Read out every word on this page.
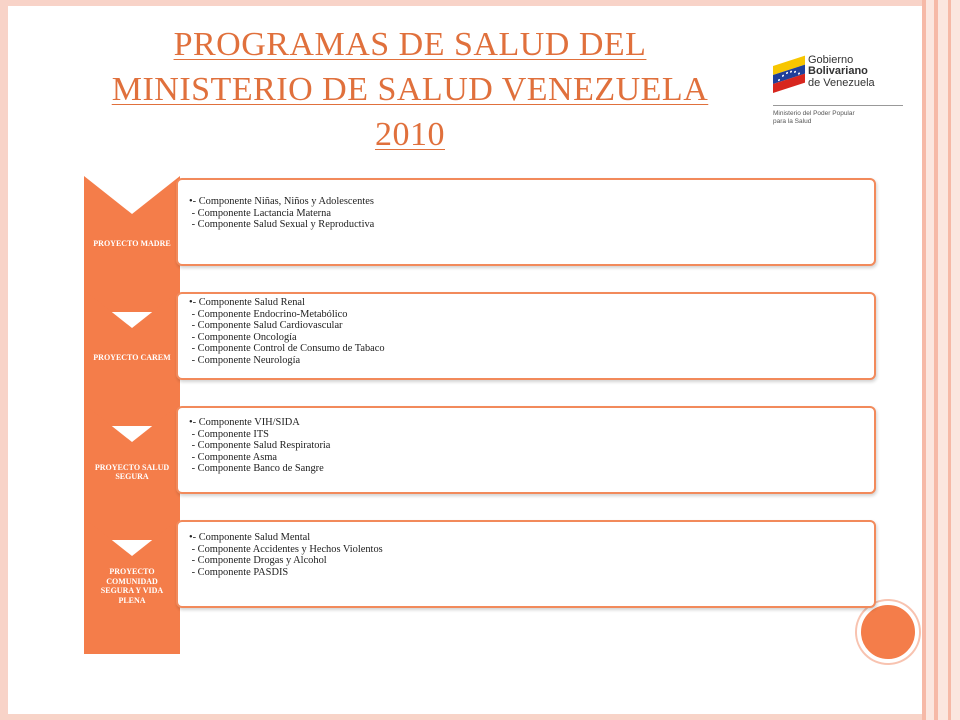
PROGRAMAS DE SALUD DEL
MINISTERIO DE SALUD VENEZUELA
2010
Gobierno
Bolivariano
de Venezuela
Ministerio del Poder Popular
para la Salud
PROYECTO MADRE
•- Componente Niñas, Niños y Adolescentes
- Componente Lactancia Materna
- Componente Salud Sexual y Reproductiva
PROYECTO CAREM
•- Componente Salud Renal
- Componente Endocrino-Metabólico
- Componente Salud Cardiovascular
- Componente Oncología
- Componente Control de Consumo de Tabaco
- Componente Neurología
PROYECTO SALUD SEGURA
•- Componente VIH/SIDA
- Componente ITS
- Componente Salud Respiratoria
- Componente Asma
- Componente Banco de Sangre
PROYECTO COMUNIDAD SEGURA Y VIDA PLENA
•- Componente Salud Mental
- Componente Accidentes y Hechos Violentos
- Componente Drogas y Alcohol
- Componente PASDIS
